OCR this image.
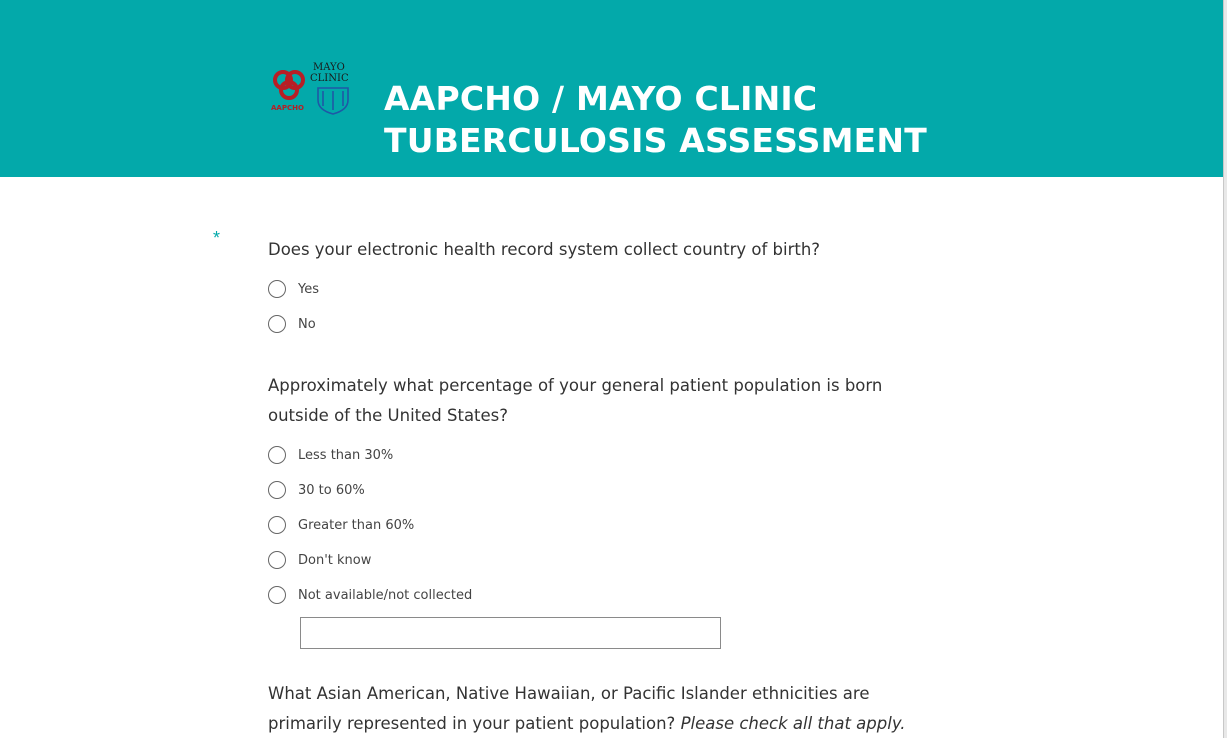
AAPCHO
MAYO
CLINIC
AAPCHO / MAYO CLINIC
TUBERCULOSIS ASSESSMENT
*

Does your electronic health record system collect country of birth?

Yes
No

Approximately what percentage of your general patient population is born outside of the United States?

Less than 30%
30 to 60%
Greater than 60%
Don't know
Not available/not collected

What Asian American, Native Hawaiian, or Pacific Islander ethnicities are primarily represented in your patient population? Please check all that apply.
